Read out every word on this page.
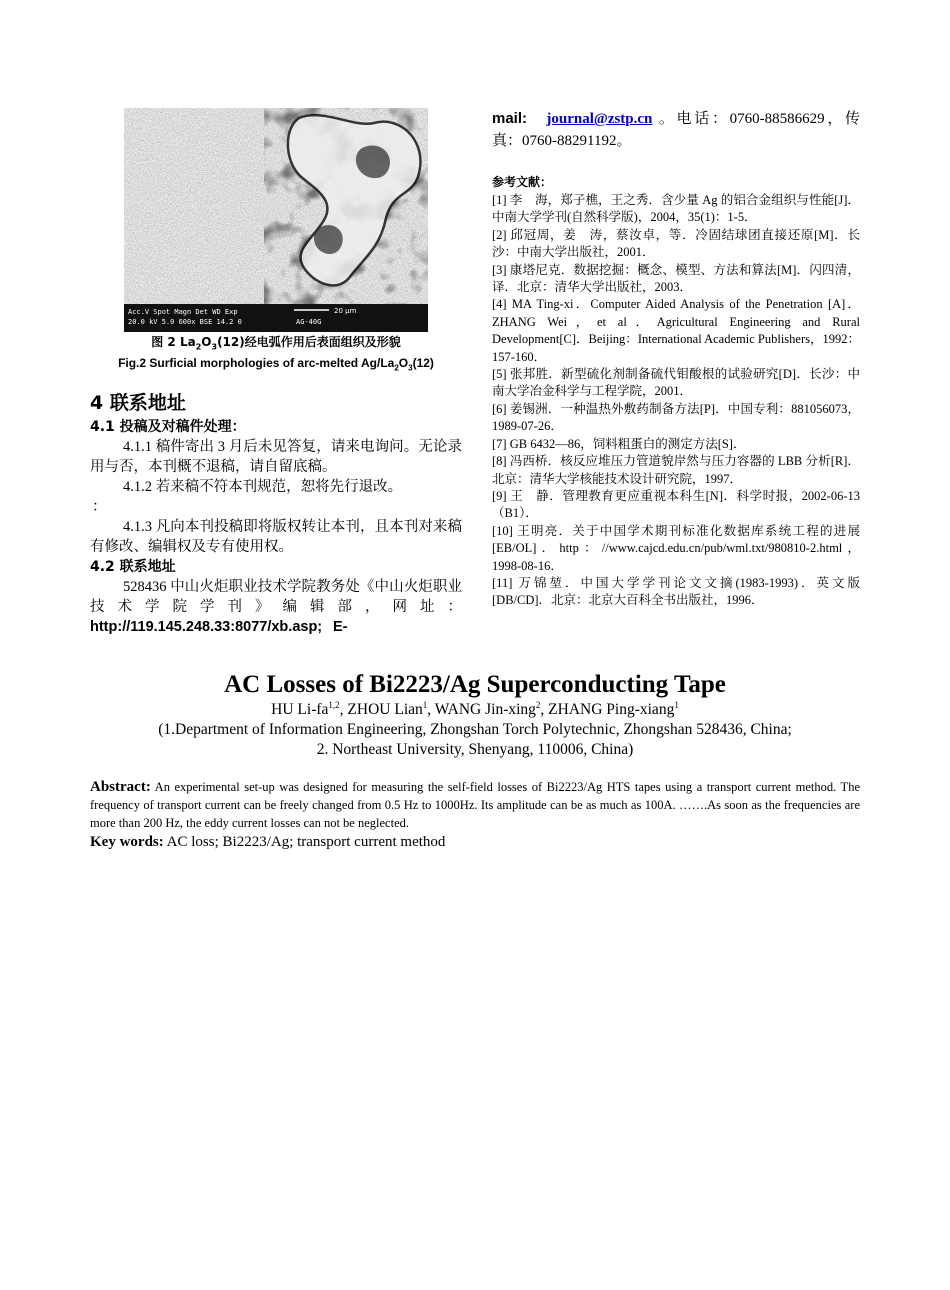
Acc.V Spot Magn Det WD Exp
20.0 kV 5.0 600x BSE 14.2 0
20 μm
AG-40G
图 2 $La_2O_3(12)$经电弧作用后表面组织及形貌
Fig.2 Surficial morphologies of arc-melted $Ag/La_2O_3(12)$
4 联系地址
4.1 投稿及对稿件处理：

4.1.1 稿件寄出 3 月后未见答复，请来电询问。无论录用与否，本刊概不退稿，请自留底稿。

4.1.2 若来稿不符本刊规范，恕将先行退改。

：

4.1.3 凡向本刊投稿即将版权转让本刊，且本刊对来稿有修改、编辑权及专有使用权。

4.2 联系地址

528436 中山火炬职业技术学院教务处《中山火炬职业技术学院学刊》编辑部，网址：http://119.145.248.33:8077/xb.asp; E-

mail: journal@zstp.cn 。电话：0760-88586629，传真：0760-88291192。

参考文献：

[1] 李　海，郑子樵，王之秀．含少量 Ag 的铝合金组织与性能[J]．中南大学学刊(自然科学版)，2004，35(1)：1-5．

[2] 邱冠周，姜　涛，蔡汝卓，等．冷固结球团直接还原[M]．长沙：中南大学出版社，2001．

[3] 康塔尼克．数据挖掘：概念、模型、方法和算法[M]．闪四清，译．北京：清华大学出版社，2003．

[4] MA Ting-xi．Computer Aided Analysis of the Penetration [A]．ZHANG Wei，et al．Agricultural Engineering and Rural Development[C]．Beijing：International Academic Publishers，1992：157-160．

[5] 张邦胜．新型硫化剂制备硫代钼酸根的试验研究[D]．长沙：中南大学冶金科学与工程学院，2001．

[6] 姜锡洲．一种温热外敷药制备方法[P]．中国专利：881056073，1989-07-26．

[7] GB 6432—86，饲料粗蛋白的测定方法[S]．

[8] 冯西桥．核反应堆压力管道貌岸然与压力容器的 LBB 分析[R]．北京：清华大学核能技术设计研究院，1997．

[9] 王　静．管理教育更应重视本科生[N]．科学时报，2002-06-13（B1）．

[10] 王明亮．关于中国学术期刊标准化数据库系统工程的进展[EB/OL]．http：//www.cajcd.edu.cn/pub/wml.txt/980810-2.html，1998-08-16．

[11] 万锦堃．中国大学学刊论文文摘(1983-1993)．英文版[DB/CD]．北京：北京大百科全书出版社，1996．

AC Losses of Bi2223/Ag Superconducting Tape

HU Li-fa$^{1,2}$, ZHOU Lian$^1$, WANG Jin-xing$^2$, ZHANG Ping-xiang$^1$

(1.Department of Information Engineering, Zhongshan Torch Polytechnic, Zhongshan 528436, China;

2. Northeast University, Shenyang, 110006, China)

Abstract: An experimental set-up was designed for measuring the self-field losses of Bi2223/Ag HTS tapes using a transport current method. The frequency of transport current can be freely changed from 0.5 Hz to 1000Hz. Its amplitude can be as much as 100A. …….As soon as the frequencies are more than 200 Hz, the eddy current losses can not be neglected.

Key words: AC loss; Bi2223/Ag; transport current method
